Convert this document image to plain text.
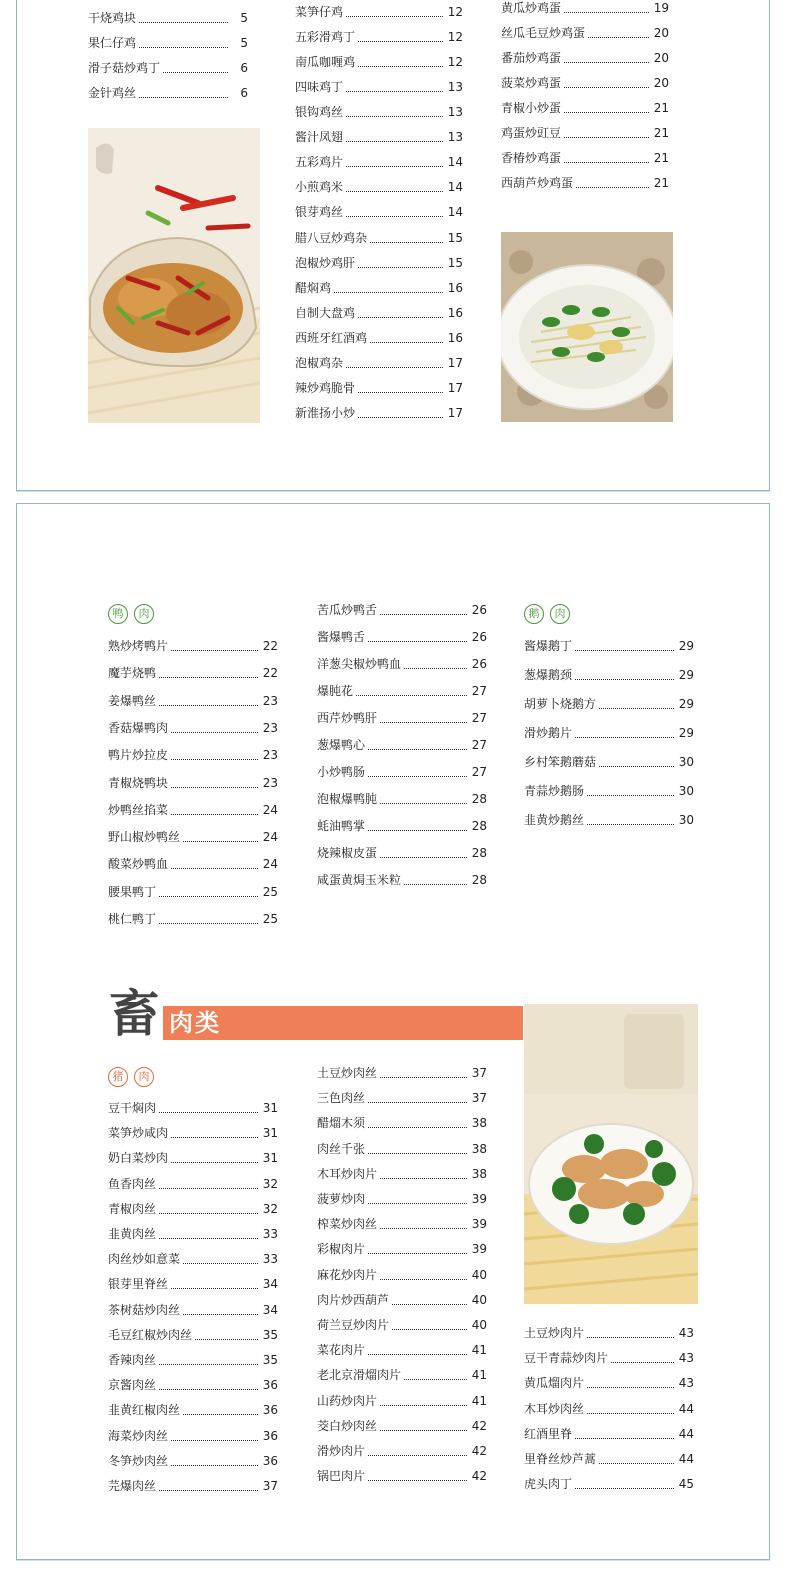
干烧鸡块	5
果仁仔鸡	5
滑子菇炒鸡丁	6
金针鸡丝	6
菜笋仔鸡	12
五彩滑鸡丁	12
南瓜咖喱鸡	12
四味鸡丁	13
银钩鸡丝	13
酱汁凤翅	13
五彩鸡片	14
小煎鸡米	14
银芽鸡丝	14
腊八豆炒鸡杂	15
泡椒炒鸡肝	15
醋焖鸡	16
自制大盘鸡	16
西班牙红酒鸡	16
泡椒鸡杂	17
辣炒鸡脆骨	17
新淮扬小炒	17
黄瓜炒鸡蛋	19
丝瓜毛豆炒鸡蛋	20
番茄炒鸡蛋	20
菠菜炒鸡蛋	20
青椒小炒蛋	21
鸡蛋炒豇豆	21
香椿炒鸡蛋	21
西葫芦炒鸡蛋	21
鸭	肉
熟炒烤鸭片	22
魔芋烧鸭	22
姜爆鸭丝	23
香菇爆鸭肉	23
鸭片炒拉皮	23
青椒烧鸭块	23
炒鸭丝掐菜	24
野山椒炒鸭丝	24
酸菜炒鸭血	24
腰果鸭丁	25
桃仁鸭丁	25
苦瓜炒鸭舌	26
酱爆鸭舌	26
洋葱尖椒炒鸭血	26
爆肫花	27
西芹炒鸭肝	27
葱爆鸭心	27
小炒鸭肠	27
泡椒爆鸭肫	28
蚝油鸭掌	28
烧辣椒皮蛋	28
咸蛋黄焗玉米粒	28
鹅	肉
酱爆鹅丁	29
葱爆鹅颈	29
胡萝卜烧鹅方	29
滑炒鹅片	29
乡村笨鹅蘑菇	30
青蒜炒鹅肠	30
韭黄炒鹅丝	30
畜 肉类
猪	肉
豆干焖肉	31
菜笋炒咸肉	31
奶白菜炒肉	31
鱼香肉丝	32
青椒肉丝	32
韭黄肉丝	33
肉丝炒如意菜	33
银芽里脊丝	34
茶树菇炒肉丝	34
毛豆红椒炒肉丝	35
香辣肉丝	35
京酱肉丝	36
韭黄红椒肉丝	36
海菜炒肉丝	36
冬笋炒肉丝	36
芫爆肉丝	37
土豆炒肉丝	37
三色肉丝	37
醋熘木须	38
肉丝千张	38
木耳炒肉片	38
菠萝炒肉	39
榨菜炒肉丝	39
彩椒肉片	39
麻花炒肉片	40
肉片炒西葫芦	40
荷兰豆炒肉片	40
菜花肉片	41
老北京滑熘肉片	41
山药炒肉片	41
茭白炒肉丝	42
滑炒肉片	42
锅巴肉片	42
土豆炒肉片	43
豆干青蒜炒肉片	43
黄瓜熘肉片	43
木耳炒肉丝	44
红酒里脊	44
里脊丝炒芦蒿	44
虎头肉丁	45
